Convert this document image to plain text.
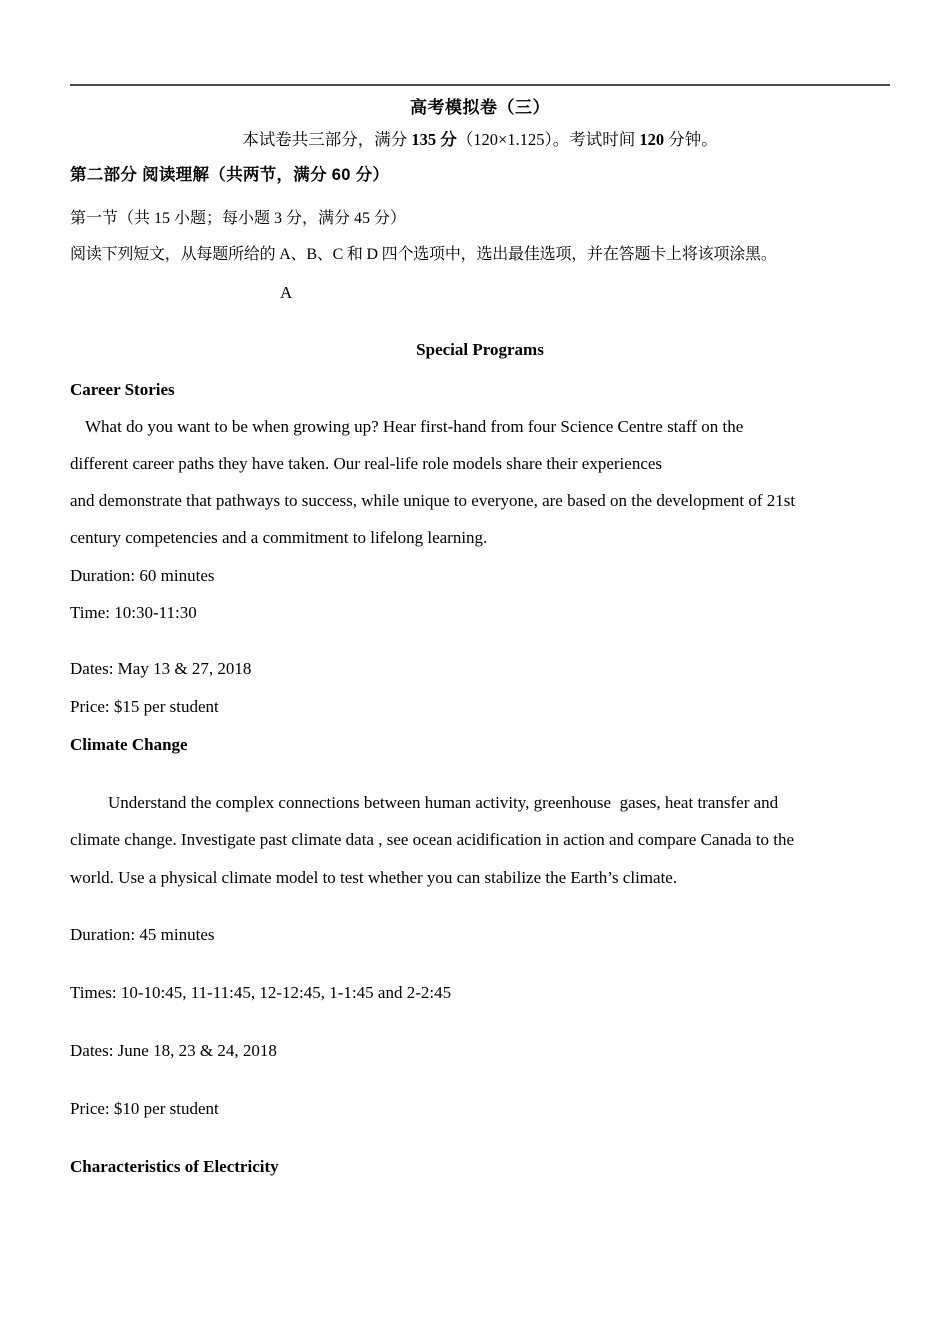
高考模拟卷（三）
本试卷共三部分，满分 135 分（120×1.125）。考试时间 120 分钟。
第二部分 阅读理解（共两节，满分 60 分）
第一节（共 15 小题；每小题 3 分，满分 45 分）
阅读下列短文，从每题所给的 A、B、C 和 D 四个选项中，选出最佳选项，并在答题卡上将该项涂黑。
A
Special Programs
Career Stories
What do you want to be when growing up? Hear first-hand from four Science Centre staff on the
different career paths they have taken. Our real-life role models share their experiences
and demonstrate that pathways to success, while unique to everyone, are based on the development of 21st
century competencies and a commitment to lifelong learning.
Duration: 60 minutes
Time: 10:30-11:30
Dates: May 13 & 27, 2018
Price: $15 per student
Climate Change
Understand the complex connections between human activity, greenhouse  gases, heat transfer and
climate change. Investigate past climate data , see ocean acidification in action and compare Canada to the
world. Use a physical climate model to test whether you can stabilize the Earth’s climate.
Duration: 45 minutes
Times: 10-10:45, 11-11:45, 12-12:45, 1-1:45 and 2-2:45
Dates: June 18, 23 & 24, 2018
Price: $10 per student
Characteristics of Electricity
